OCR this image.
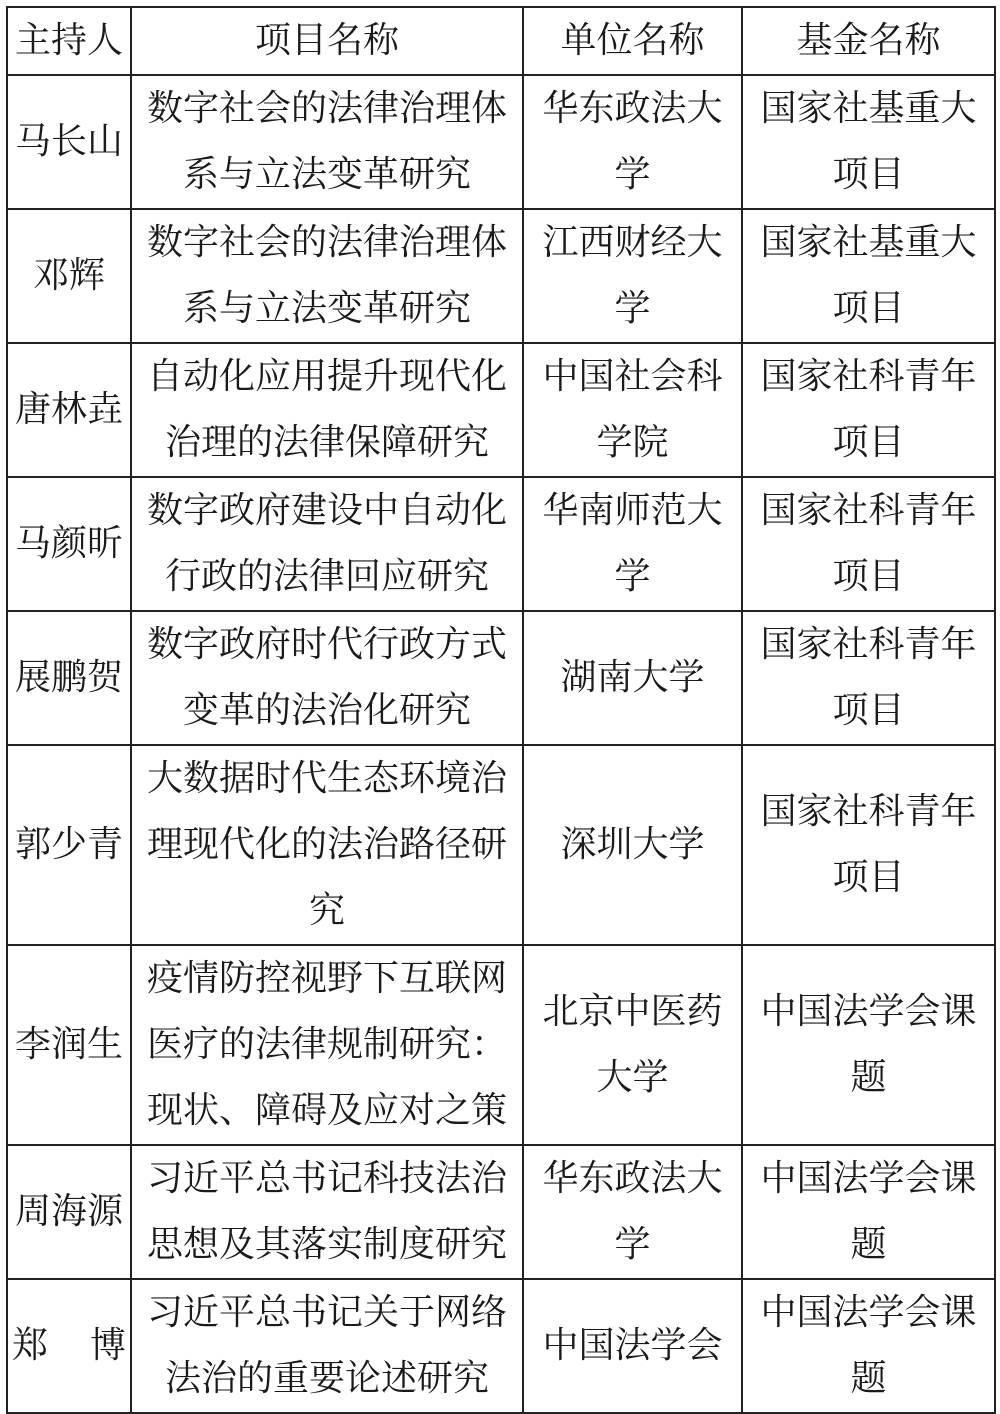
主持人	项目名称	单位名称	基金名称
马长山	数字社会的法律治理体系与立法变革研究	华东政法大学	国家社基重大项目
邓辉	数字社会的法律治理体系与立法变革研究	江西财经大学	国家社基重大项目
唐林垚	自动化应用提升现代化治理的法律保障研究	中国社会科学院	国家社科青年项目
马颜昕	数字政府建设中自动化行政的法律回应研究	华南师范大学	国家社科青年项目
展鹏贺	数字政府时代行政方式变革的法治化研究	湖南大学	国家社科青年项目
郭少青	大数据时代生态环境治理现代化的法治路径研究	深圳大学	国家社科青年项目
李润生	疫情防控视野下互联网医疗的法律规制研究：现状、障碍及应对之策	北京中医药大学	中国法学会课题
周海源	习近平总书记科技法治思想及其落实制度研究	华东政法大学	中国法学会课题
郑 博	习近平总书记关于网络法治的重要论述研究	中国法学会	中国法学会课题
